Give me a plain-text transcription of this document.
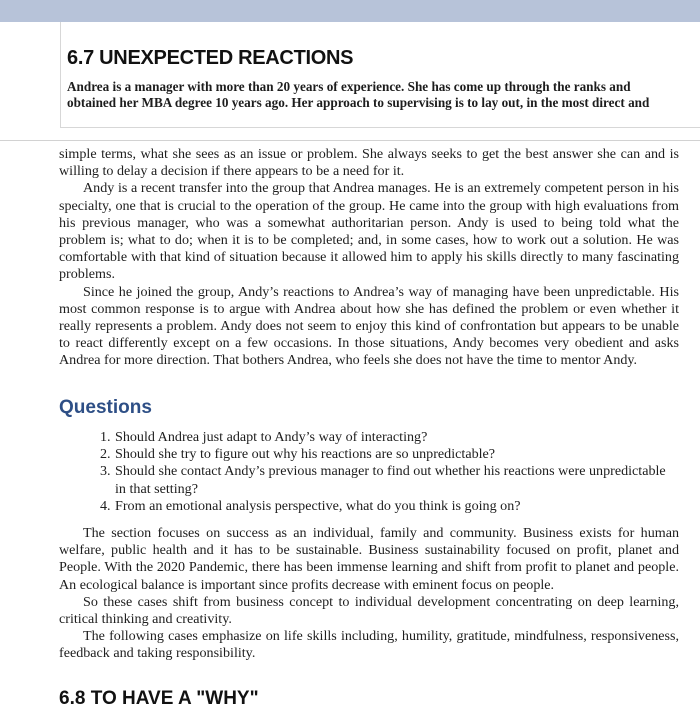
6.7 UNEXPECTED REACTIONS

Andrea is a manager with more than 20 years of experience. She has come up through the ranks and obtained her MBA degree 10 years ago. Her approach to supervising is to lay out, in the most direct and

simple terms, what she sees as an issue or problem. She always seeks to get the best answer she can and is willing to delay a decision if there appears to be a need for it.

Andy is a recent transfer into the group that Andrea manages. He is an extremely competent person in his specialty, one that is crucial to the operation of the group. He came into the group with high evaluations from his previous manager, who was a somewhat authoritarian person. Andy is used to being told what the problem is; what to do; when it is to be completed; and, in some cases, how to work out a solution. He was comfortable with that kind of situation because it allowed him to apply his skills directly to many fascinating problems.

Since he joined the group, Andy’s reactions to Andrea’s way of managing have been unpredictable. His most common response is to argue with Andrea about how she has defined the problem or even whether it really represents a problem. Andy does not seem to enjoy this kind of confrontation but appears to be unable to react differently except on a few occasions. In those situations, Andy becomes very obedient and asks Andrea for more direction. That bothers Andrea, who feels she does not have the time to mentor Andy.

Questions
1. Should Andrea just adapt to Andy’s way of interacting?
2. Should she try to figure out why his reactions are so unpredictable?
3. Should she contact Andy’s previous manager to find out whether his reactions were unpredictable in that setting?
4. From an emotional analysis perspective, what do you think is going on?

The section focuses on success as an individual, family and community. Business exists for human welfare, public health and it has to be sustainable. Business sustainability focused on profit, planet and People. With the 2020 Pandemic, there has been immense learning and shift from profit to planet and people. An ecological balance is important since profits decrease with eminent focus on people.

So these cases shift from business concept to individual development concentrating on deep learning, critical thinking and creativity.

The following cases emphasize on life skills including, humility, gratitude, mindfulness, responsiveness, feedback and taking responsibility.

6.8 TO HAVE A "WHY"
